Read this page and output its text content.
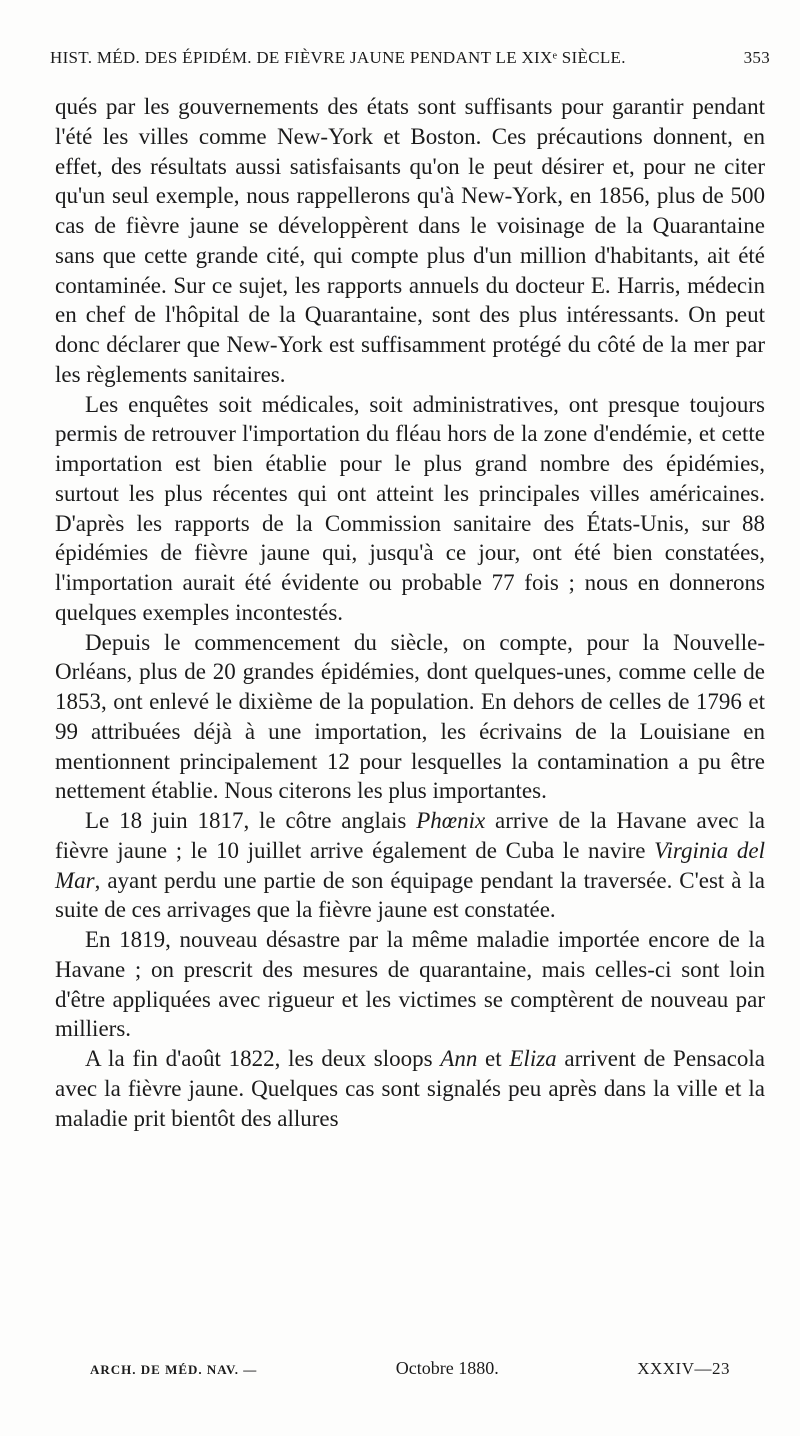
HIST. MÉD. DES ÉPIDÉM. DE FIÈVRE JAUNE PENDANT LE XIXᵉ SIÈCLE.	353

qués par les gouvernements des états sont suffisants pour garantir pendant l'été les villes comme New-York et Boston. Ces précautions donnent, en effet, des résultats aussi satisfaisants qu'on le peut désirer et, pour ne citer qu'un seul exemple, nous rappellerons qu'à New-York, en 1856, plus de 500 cas de fièvre jaune se développèrent dans le voisinage de la Quarantaine sans que cette grande cité, qui compte plus d'un million d'habitants, ait été contaminée. Sur ce sujet, les rapports annuels du docteur E. Harris, médecin en chef de l'hôpital de la Quarantaine, sont des plus intéressants. On peut donc déclarer que New-York est suffisamment protégé du côté de la mer par les règlements sanitaires.

Les enquêtes soit médicales, soit administratives, ont presque toujours permis de retrouver l'importation du fléau hors de la zone d'endémie, et cette importation est bien établie pour le plus grand nombre des épidémies, surtout les plus récentes qui ont atteint les principales villes américaines. D'après les rapports de la Commission sanitaire des États-Unis, sur 88 épidémies de fièvre jaune qui, jusqu'à ce jour, ont été bien constatées, l'importation aurait été évidente ou probable 77 fois ; nous en donnerons quelques exemples incontestés.

Depuis le commencement du siècle, on compte, pour la Nouvelle-Orléans, plus de 20 grandes épidémies, dont quelques-unes, comme celle de 1853, ont enlevé le dixième de la population. En dehors de celles de 1796 et 99 attribuées déjà à une importation, les écrivains de la Louisiane en mentionnent principalement 12 pour lesquelles la contamination a pu être nettement établie. Nous citerons les plus importantes.

Le 18 juin 1817, le côtre anglais Phœnix arrive de la Havane avec la fièvre jaune ; le 10 juillet arrive également de Cuba le navire Virginia del Mar, ayant perdu une partie de son équipage pendant la traversée. C'est à la suite de ces arrivages que la fièvre jaune est constatée.

En 1819, nouveau désastre par la même maladie importée encore de la Havane ; on prescrit des mesures de quarantaine, mais celles-ci sont loin d'être appliquées avec rigueur et les victimes se comptèrent de nouveau par milliers.

A la fin d'août 1822, les deux sloops Ann et Eliza arrivent de Pensacola avec la fièvre jaune. Quelques cas sont signalés peu après dans la ville et la maladie prit bientôt des allures

ARCH. DE MÉD. NAV. —	Octobre 1880.	XXXIV—23
